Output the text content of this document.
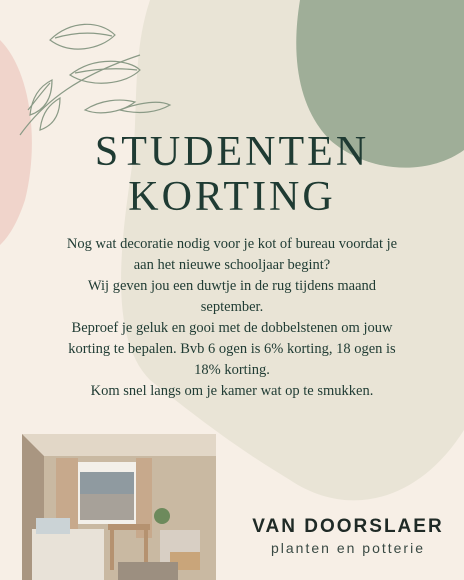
STUDENTEN
KORTING
Nog wat decoratie nodig voor je kot of bureau voordat je
aan het nieuwe schooljaar begint?
Wij geven jou een duwtje in de rug tijdens maand
september.
Beproef je geluk en gooi met de dobbelstenen om jouw
korting te bepalen. Bvb 6 ogen is 6% korting, 18 ogen is
18% korting.
Kom snel langs om je kamer wat op te smukken.
VAN DOORSLAER
planten en potterie
